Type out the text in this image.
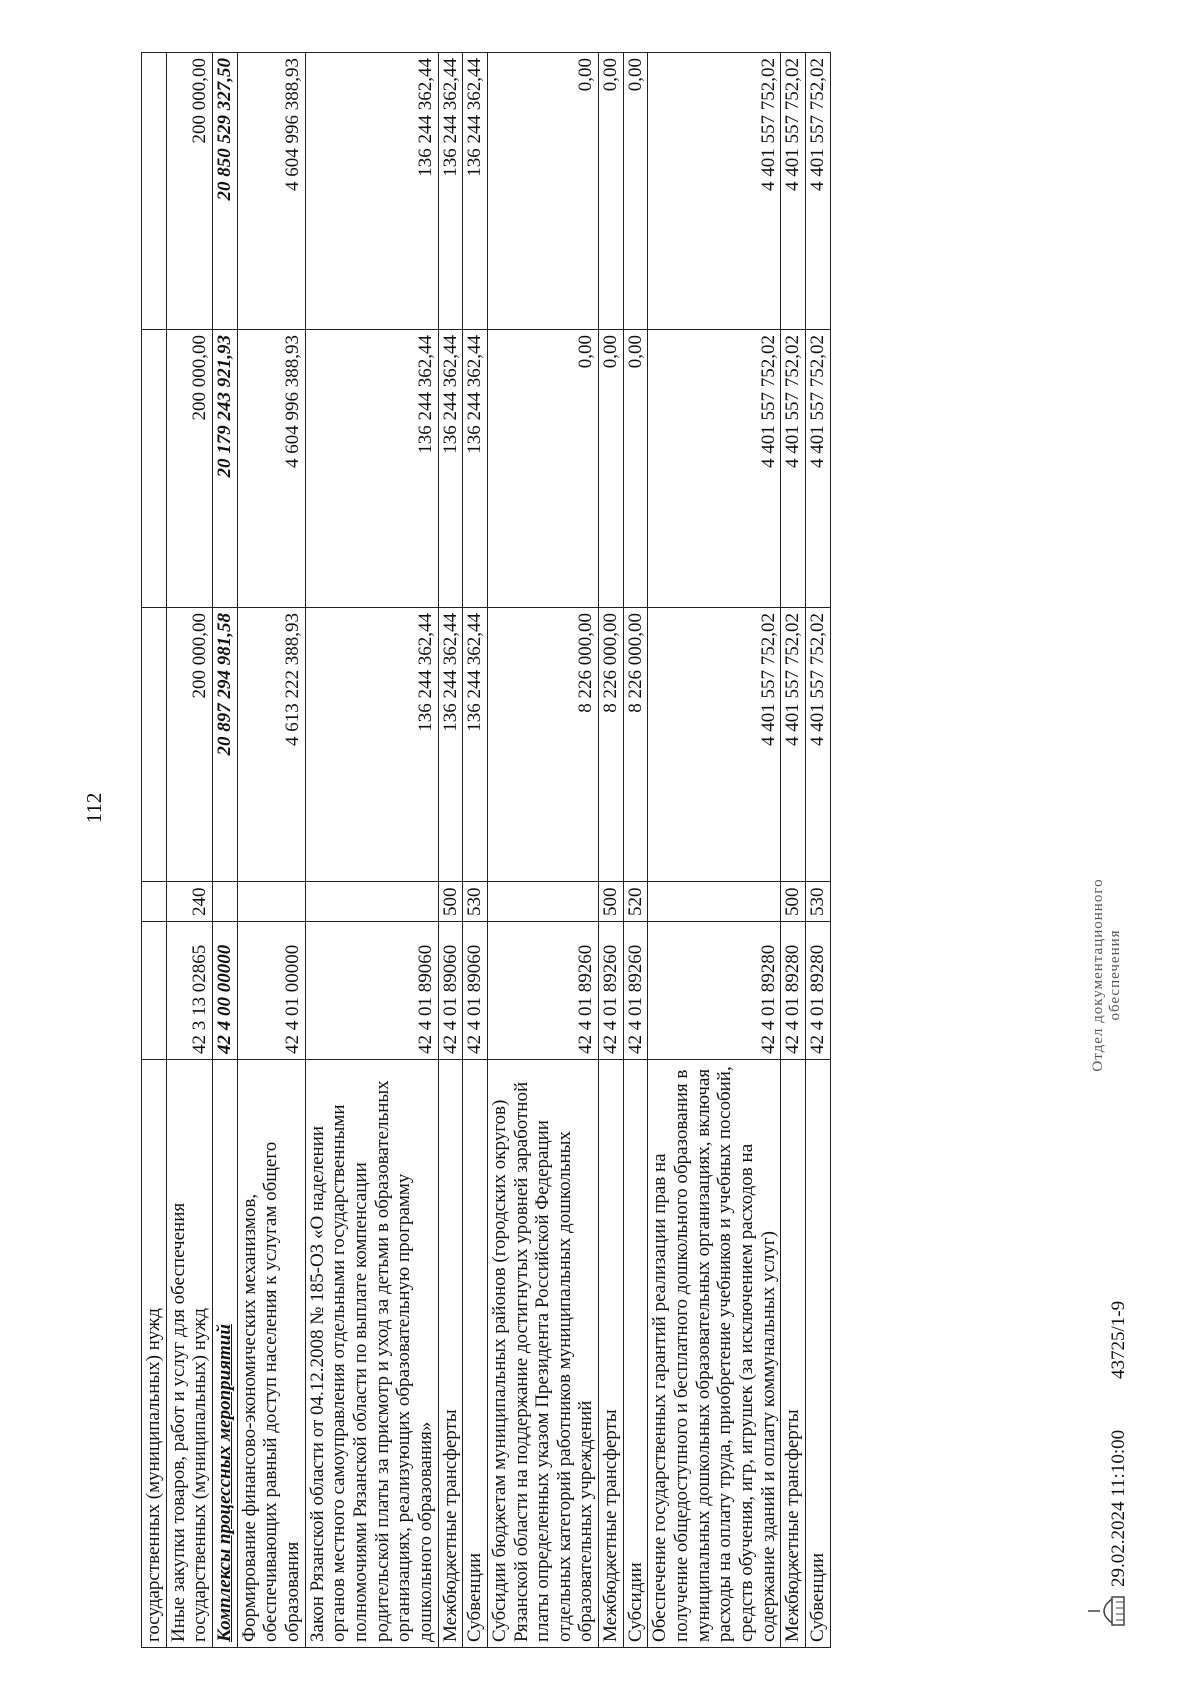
112
государственных (муниципальных) нужд					
Иные закупки товаров, работ и услуг для обеспечения государственных (муниципальных) нужд	42 3 13 02865	240	200 000,00	200 000,00	200 000,00
Комплексы процессных мероприятий	42 4 00 00000		20 897 294 981,58	20 179 243 921,93	20 850 529 327,50
Формирование финансово-экономических механизмов, обеспечивающих равный доступ населения к услугам общего образования	42 4 01 00000		4 613 222 388,93	4 604 996 388,93	4 604 996 388,93
Закон Рязанской области от 04.12.2008 № 185-ОЗ «О наделении органов местного самоуправления отдельными государственными полномочиями Рязанской области по выплате компенсации родительской платы за присмотр и уход за детьми в образовательных организациях, реализующих образовательную программу дошкольного образования»	42 4 01 89060		136 244 362,44	136 244 362,44	136 244 362,44
Межбюджетные трансферты	42 4 01 89060	500	136 244 362,44	136 244 362,44	136 244 362,44
Субвенции	42 4 01 89060	530	136 244 362,44	136 244 362,44	136 244 362,44
Субсидии бюджетам муниципальных районов (городских округов) Рязанской области на поддержание достигнутых уровней заработной платы определенных указом Президента Российской Федерации отдельных категорий работников муниципальных дошкольных образовательных учреждений	42 4 01 89260		8 226 000,00	0,00	0,00
Межбюджетные трансферты	42 4 01 89260	500	8 226 000,00	0,00	0,00
Субсидии	42 4 01 89260	520	8 226 000,00	0,00	0,00
Обеспечение государственных гарантий реализации прав на получение общедоступного и бесплатного дошкольного образования в муниципальных дошкольных образовательных организациях, включая расходы на оплату труда, приобретение учебников и учебных пособий, средств обучения, игр, игрушек (за исключением расходов на содержание зданий и оплату коммунальных услуг)	42 4 01 89280		4 401 557 752,02	4 401 557 752,02	4 401 557 752,02
Межбюджетные трансферты	42 4 01 89280	500	4 401 557 752,02	4 401 557 752,02	4 401 557 752,02
Субвенции	42 4 01 89280	530	4 401 557 752,02	4 401 557 752,02	4 401 557 752,02
29.02.2024 11:10:00
43725/1-9
Отдел документационного обеспечения
